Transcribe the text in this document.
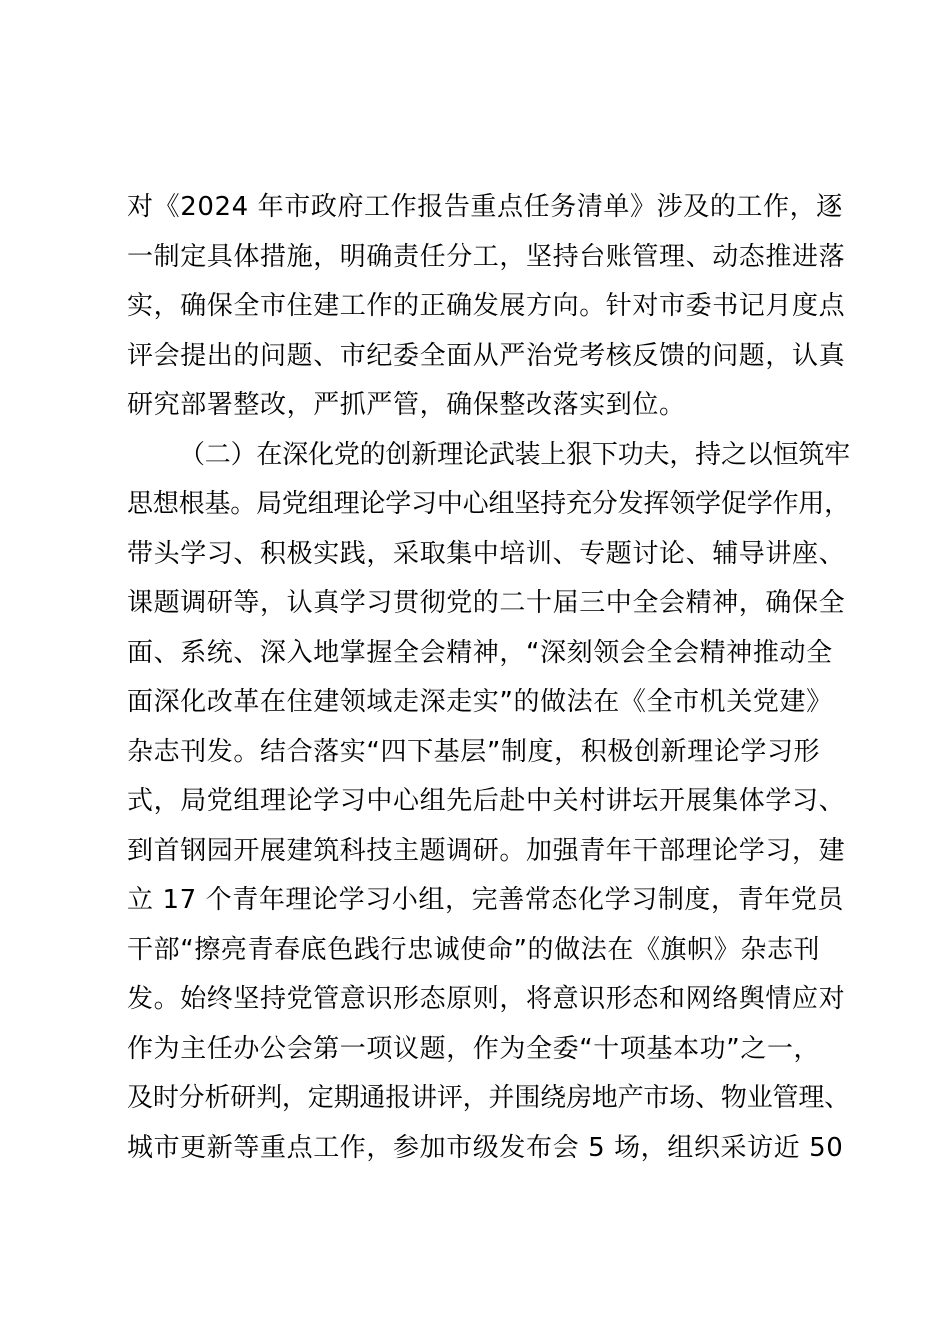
对《2024 年市政府工作报告重点任务清单》涉及的工作，逐
一制定具体措施，明确责任分工，坚持台账管理、动态推进落
实，确保全市住建工作的正确发展方向。针对市委书记月度点
评会提出的问题、市纪委全面从严治党考核反馈的问题，认真
研究部署整改，严抓严管，确保整改落实到位。
（二）在深化党的创新理论武装上狠下功夫，持之以恒筑牢
思想根基。局党组理论学习中心组坚持充分发挥领学促学作用，
带头学习、积极实践，采取集中培训、专题讨论、辅导讲座、
课题调研等，认真学习贯彻党的二十届三中全会精神，确保全
面、系统、深入地掌握全会精神，“深刻领会全会精神推动全
面深化改革在住建领域走深走实”的做法在《全市机关党建》
杂志刊发。结合落实“四下基层”制度，积极创新理论学习形
式，局党组理论学习中心组先后赴中关村讲坛开展集体学习、
到首钢园开展建筑科技主题调研。加强青年干部理论学习，建
立 17 个青年理论学习小组，完善常态化学习制度，青年党员
干部“擦亮青春底色践行忠诚使命”的做法在《旗帜》杂志刊
发。始终坚持党管意识形态原则，将意识形态和网络舆情应对
作为主任办公会第一项议题，作为全委“十项基本功”之一，
及时分析研判，定期通报讲评，并围绕房地产市场、物业管理、
城市更新等重点工作，参加市级发布会 5 场，组织采访近 50
